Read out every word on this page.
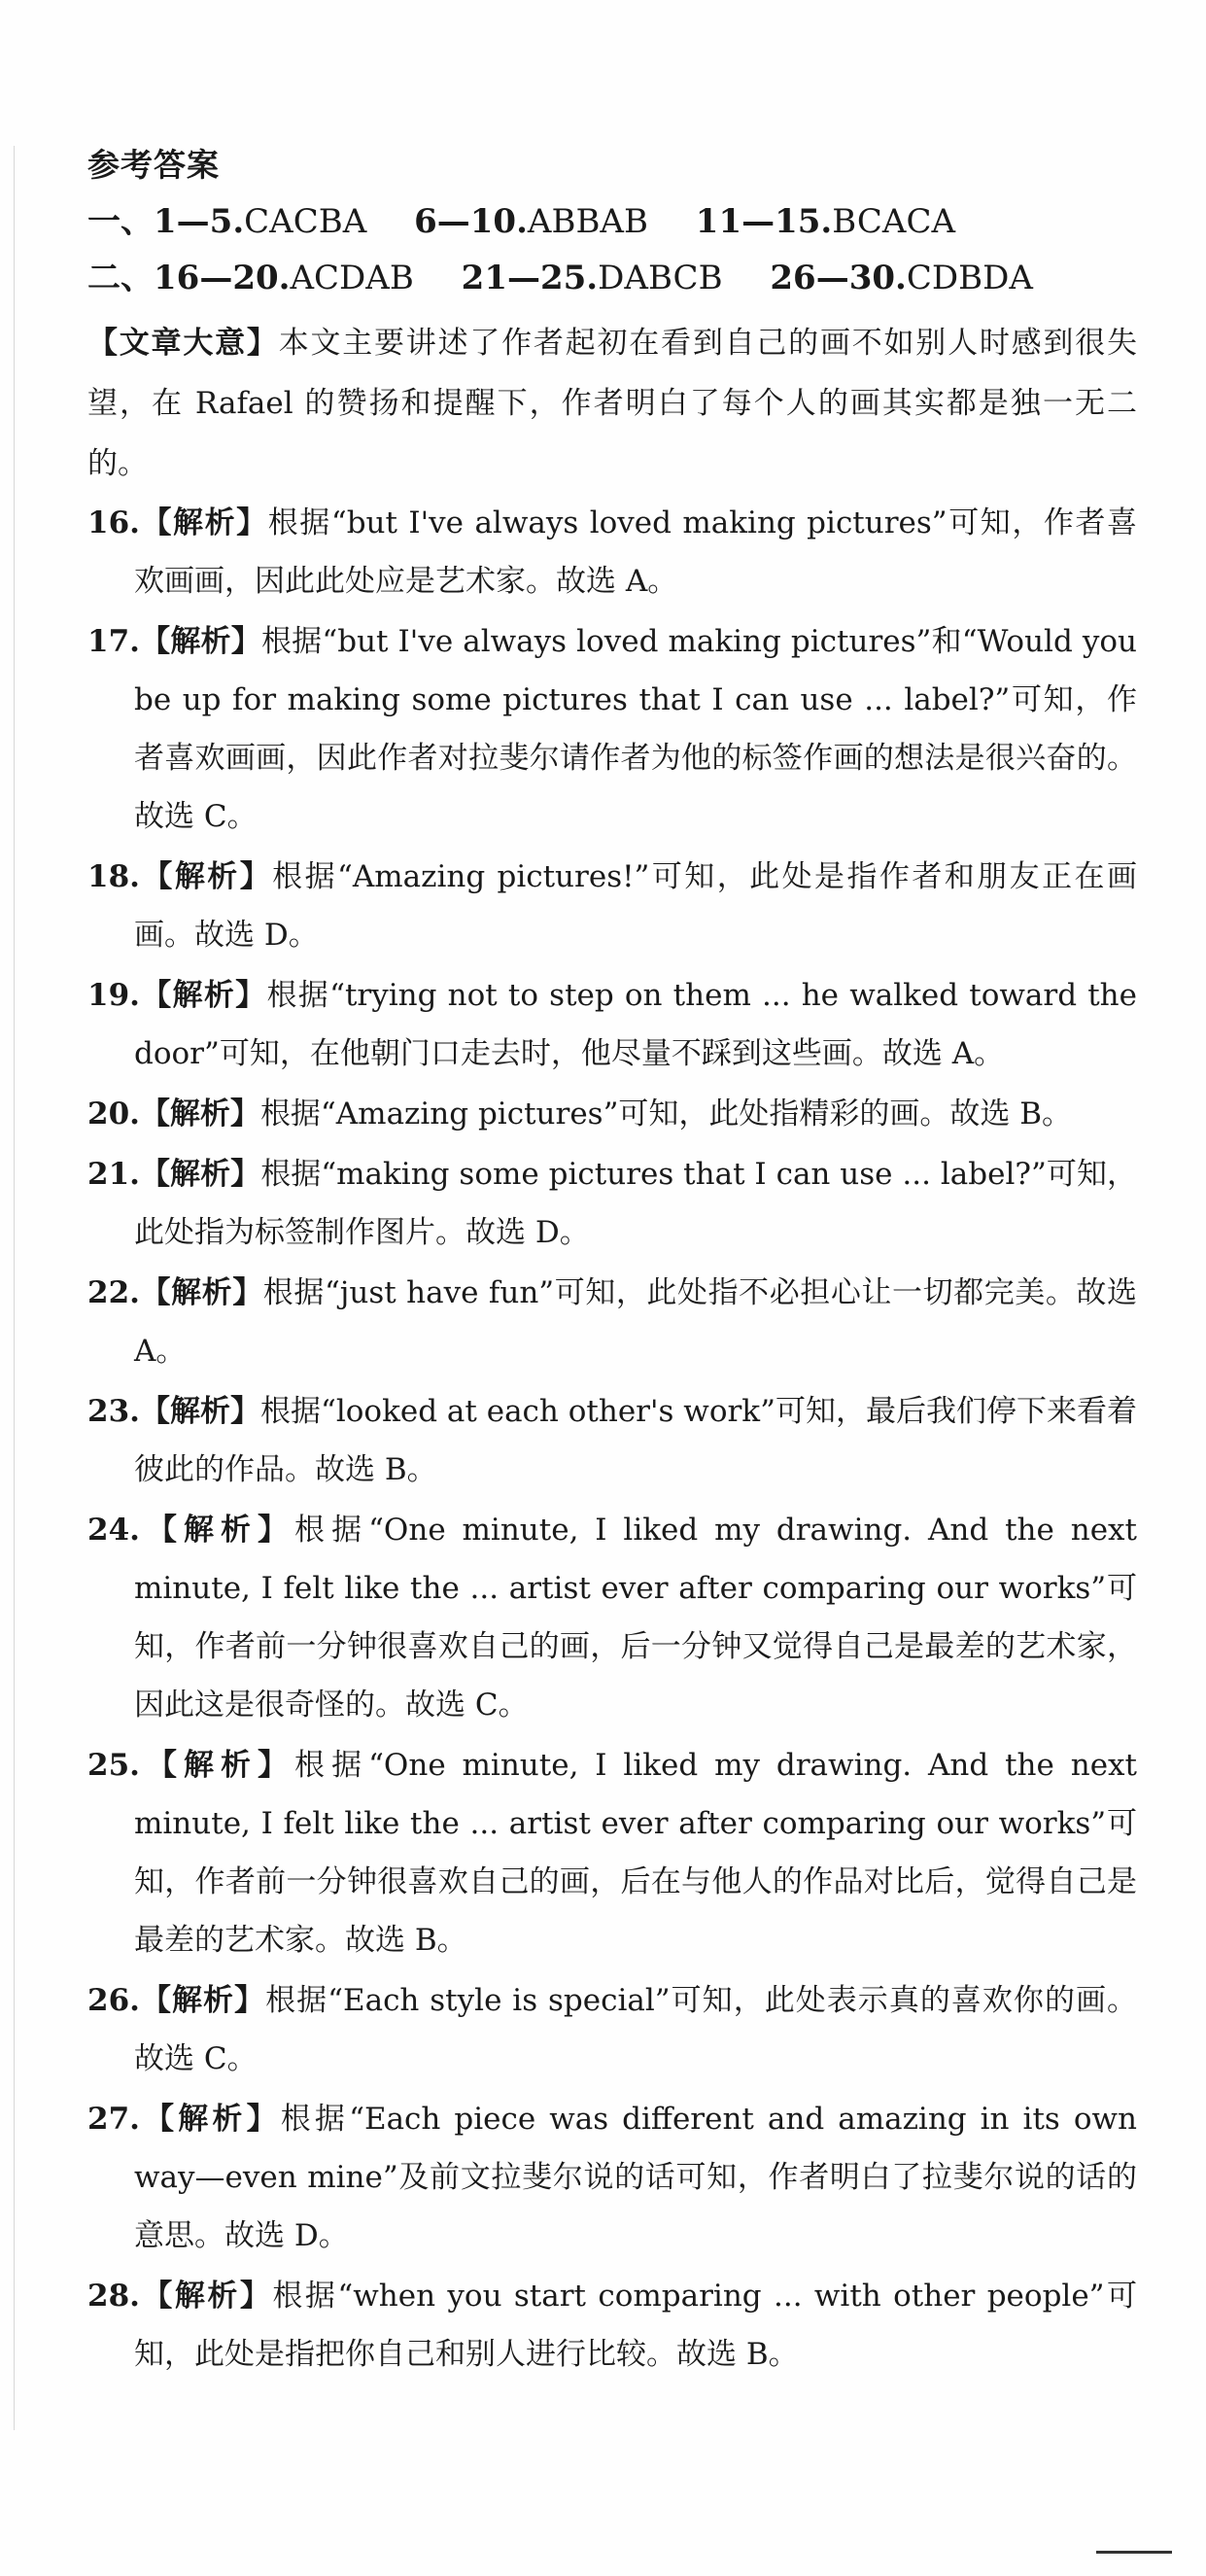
参考答案
一、1—5.CACBA 6—10.ABBAB 11—15.BCACA
二、16—20.ACDAB 21—25.DABCB 26—30.CDBDA

【文章大意】本文主要讲述了作者起初在看到自己的画不如别人时感到很失望，在 Rafael 的赞扬和提醒下，作者明白了每个人的画其实都是独一无二的。

16.【解析】根据“but I've always loved making pictures”可知，作者喜欢画画，因此此处应是艺术家。故选 A。

17.【解析】根据“but I've always loved making pictures”和“Would you be up for making some pictures that I can use ... label?”可知，作者喜欢画画，因此作者对拉斐尔请作者为他的标签作画的想法是很兴奋的。故选 C。

18.【解析】根据“Amazing pictures!”可知，此处是指作者和朋友正在画画。故选 D。

19.【解析】根据“trying not to step on them ... he walked toward the door”可知，在他朝门口走去时，他尽量不踩到这些画。故选 A。

20.【解析】根据“Amazing pictures”可知，此处指精彩的画。故选 B。

21.【解析】根据“making some pictures that I can use ... label?”可知，此处指为标签制作图片。故选 D。

22.【解析】根据“just have fun”可知，此处指不必担心让一切都完美。故选 A。

23.【解析】根据“looked at each other's work”可知，最后我们停下来看着彼此的作品。故选 B。

24.【解析】根据“One minute, I liked my drawing. And the next minute, I felt like the ... artist ever after comparing our works”可知，作者前一分钟很喜欢自己的画，后一分钟又觉得自己是最差的艺术家，因此这是很奇怪的。故选 C。

25.【解析】根据“One minute, I liked my drawing. And the next minute, I felt like the ... artist ever after comparing our works”可知，作者前一分钟很喜欢自己的画，后在与他人的作品对比后，觉得自己是最差的艺术家。故选 B。

26.【解析】根据“Each style is special”可知，此处表示真的喜欢你的画。故选 C。

27.【解析】根据“Each piece was different and amazing in its own way—even mine”及前文拉斐尔说的话可知，作者明白了拉斐尔说的话的意思。故选 D。

28.【解析】根据“when you start comparing ... with other people”可知，此处是指把你自己和别人进行比较。故选 B。
